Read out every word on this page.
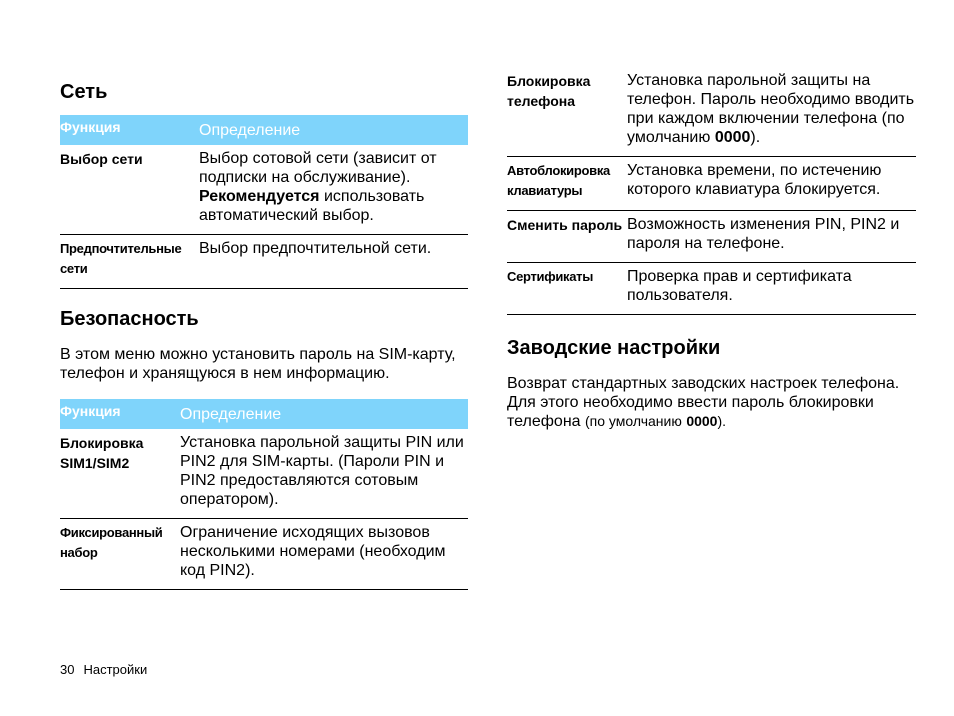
Сеть
Функция	Определение
Выбор сети	Выбор сотовой сети (зависит от подписки на обслуживание). Рекомендуется использовать автоматический выбор.
Предпочтительные сети	Выбор предпочтительной сети.
Безопасность

В этом меню можно установить пароль на SIM-карту, телефон и хранящуюся в нем информацию.

Функция	Определение
Блокировка SIM1/SIM2	Установка парольной защиты PIN или PIN2 для SIM-карты. (Пароли PIN и PIN2 предоставляются сотовым оператором).
Фиксированный набор	Ограничение исходящих вызовов несколькими номерами (необходим код PIN2).
Блокировка телефона	Установка парольной защиты на телефон. Пароль необходимо вводить при каждом включении телефона (по умолчанию 0000).
Автоблокировка клавиатуры	Установка времени, по истечению которого клавиатура блокируется.
Сменить пароль	Возможность изменения PIN, PIN2 и пароля на телефоне.
Сертификаты	Проверка прав и сертификата пользователя.
Заводские настройки

Возврат стандартных заводских настроек телефона. Для этого необходимо ввести пароль блокировки телефона (по умолчанию 0000).

30 Настройки
